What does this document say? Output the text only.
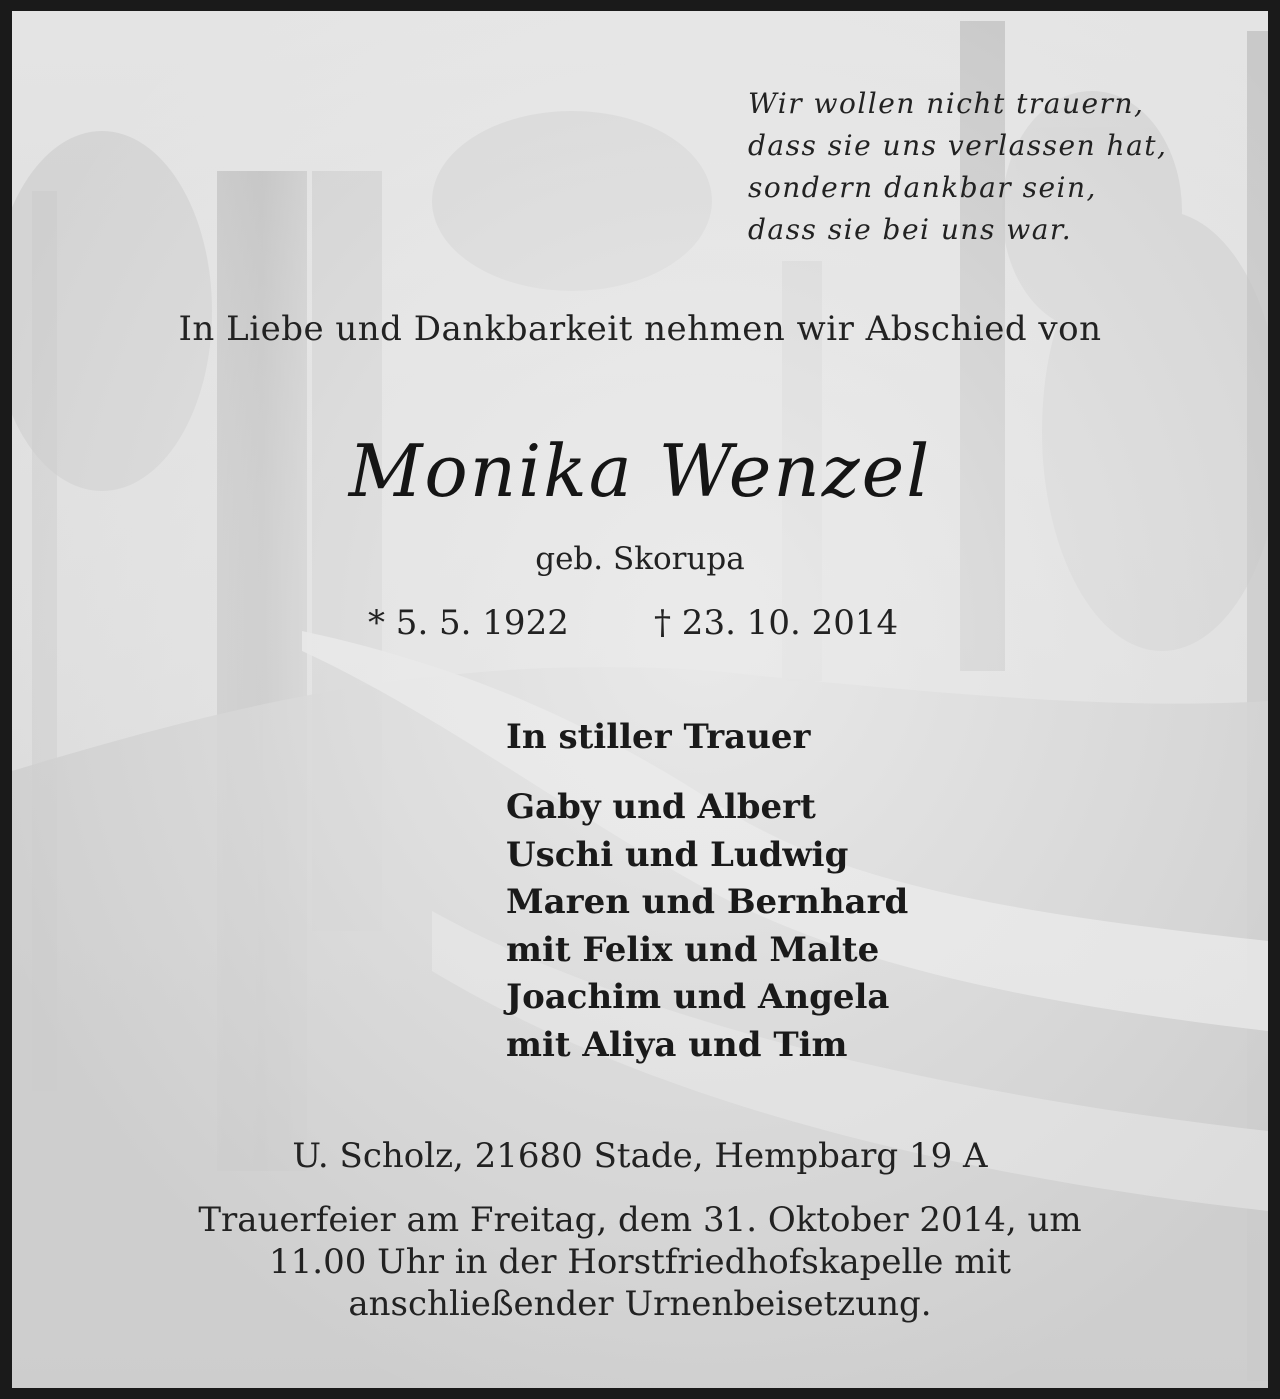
Wir wollen nicht trauern,
dass sie uns verlassen hat,
sondern dankbar sein,
dass sie bei uns war.
In Liebe und Dankbarkeit nehmen wir Abschied von
Monika Wenzel
geb. Skorupa
* 5. 5. 1922	† 23. 10. 2014
In stiller Trauer
Gaby und Albert
Uschi und Ludwig
Maren und Bernhard
mit Felix und Malte
Joachim und Angela
mit Aliya und Tim
U. Scholz, 21680 Stade, Hempbarg 19 A
Trauerfeier am Freitag, dem 31. Oktober 2014, um
11.00 Uhr in der Horstfriedhofskapelle mit
anschließender Urnenbeisetzung.
